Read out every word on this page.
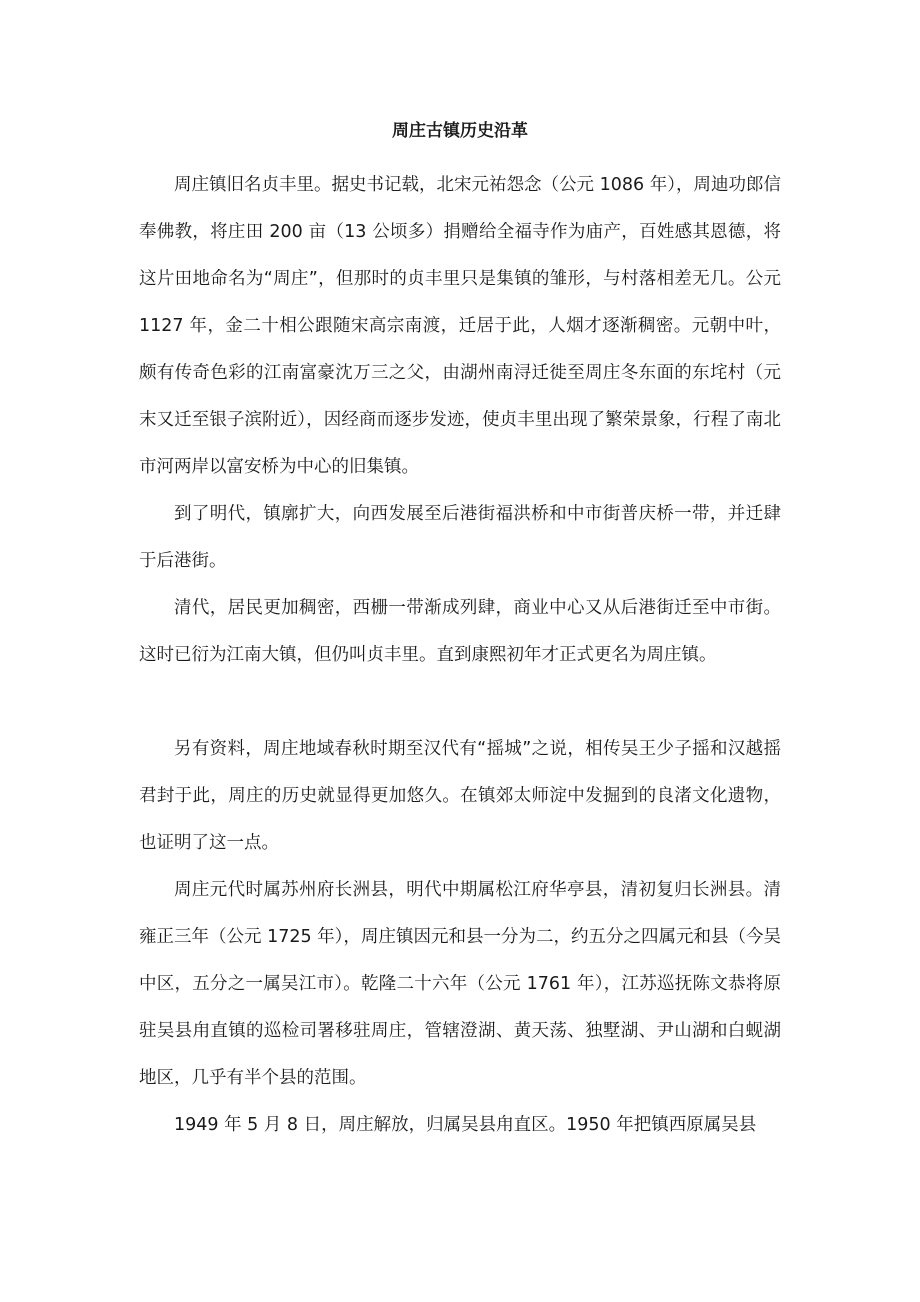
周庄古镇历史沿革

周庄镇旧名贞丰里。据史书记载，北宋元祐怨念（公元 1086 年），周迪功郎信奉佛教，将庄田 200 亩（13 公顷多）捐赠给全福寺作为庙产，百姓感其恩德，将这片田地命名为“周庄”，但那时的贞丰里只是集镇的雏形，与村落相差无几。公元 1127 年，金二十相公跟随宋高宗南渡，迁居于此，人烟才逐渐稠密。元朝中叶，颇有传奇色彩的江南富豪沈万三之父，由湖州南浔迁徙至周庄冬东面的东垞村（元末又迁至银子滨附近），因经商而逐步发迹，使贞丰里出现了繁荣景象，行程了南北市河两岸以富安桥为中心的旧集镇。

到了明代，镇廓扩大，向西发展至后港街福洪桥和中市街普庆桥一带，并迁肆于后港街。

清代，居民更加稠密，西栅一带渐成列肆，商业中心又从后港街迁至中市街。这时已衍为江南大镇，但仍叫贞丰里。直到康熙初年才正式更名为周庄镇。

另有资料，周庄地域春秋时期至汉代有“摇城”之说，相传吴王少子摇和汉越摇君封于此，周庄的历史就显得更加悠久。在镇郊太师淀中发掘到的良渚文化遗物，也证明了这一点。

周庄元代时属苏州府长洲县，明代中期属松江府华亭县，清初复归长洲县。清雍正三年（公元 1725 年），周庄镇因元和县一分为二，约五分之四属元和县（今吴中区，五分之一属吴江市）。乾隆二十六年（公元 1761 年），江苏巡抚陈文恭将原驻吴县甪直镇的巡检司署移驻周庄，管辖澄湖、黄天荡、独墅湖、尹山湖和白蚬湖地区，几乎有半个县的范围。

1949 年 5 月 8 日，周庄解放，归属吴县甪直区。1950 年把镇西原属吴县
